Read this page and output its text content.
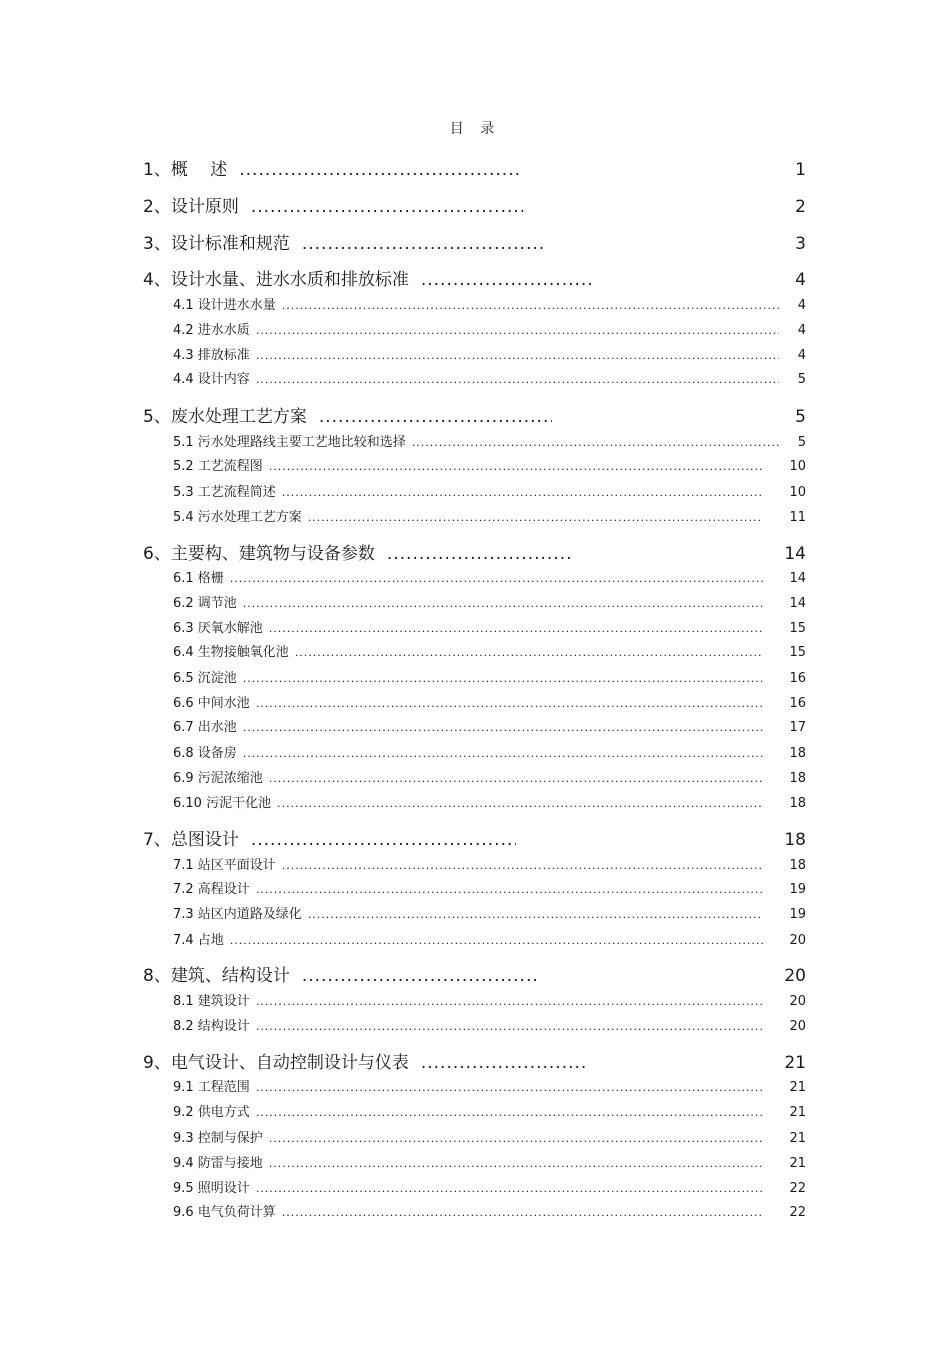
目 录
1、概　 述 .....	1
2、设计原则 .....	2
3、设计标准和规范 .....	3
4、设计水量、进水水质和排放标准 .....	4
4.1 设计进水水量 .....	4
4.2 进水水质 .....	4
4.3 排放标准 .....	4
4.4 设计内容 .....	5
5、废水处理工艺方案 .....	5
5.1 污水处理路线主要工艺地比较和选择 .....	5
5.2 工艺流程图 .....	10
5.3 工艺流程简述 .....	10
5.4 污水处理工艺方案 .....	11
6、主要构、建筑物与设备参数 .....	14
6.1 格栅 .....	14
6.2 调节池 .....	14
6.3 厌氧水解池 .....	15
6.4 生物接触氧化池 .....	15
6.5 沉淀池 .....	16
6.6 中间水池 .....	16
6.7 出水池 .....	17
6.8 设备房 .....	18
6.9 污泥浓缩池 .....	18
6.10 污泥干化池 .....	18
7、总图设计 .....	18
7.1 站区平面设计 .....	18
7.2 高程设计 .....	19
7.3 站区内道路及绿化 .....	19
7.4 占地 .....	20
8、建筑、结构设计 .....	20
8.1 建筑设计 .....	20
8.2 结构设计 .....	20
9、电气设计、自动控制设计与仪表 .....	21
9.1 工程范围 .....	21
9.2 供电方式 .....	21
9.3 控制与保护 .....	21
9.4 防雷与接地 .....	21
9.5 照明设计 .....	22
9.6 电气负荷计算 .....	22
